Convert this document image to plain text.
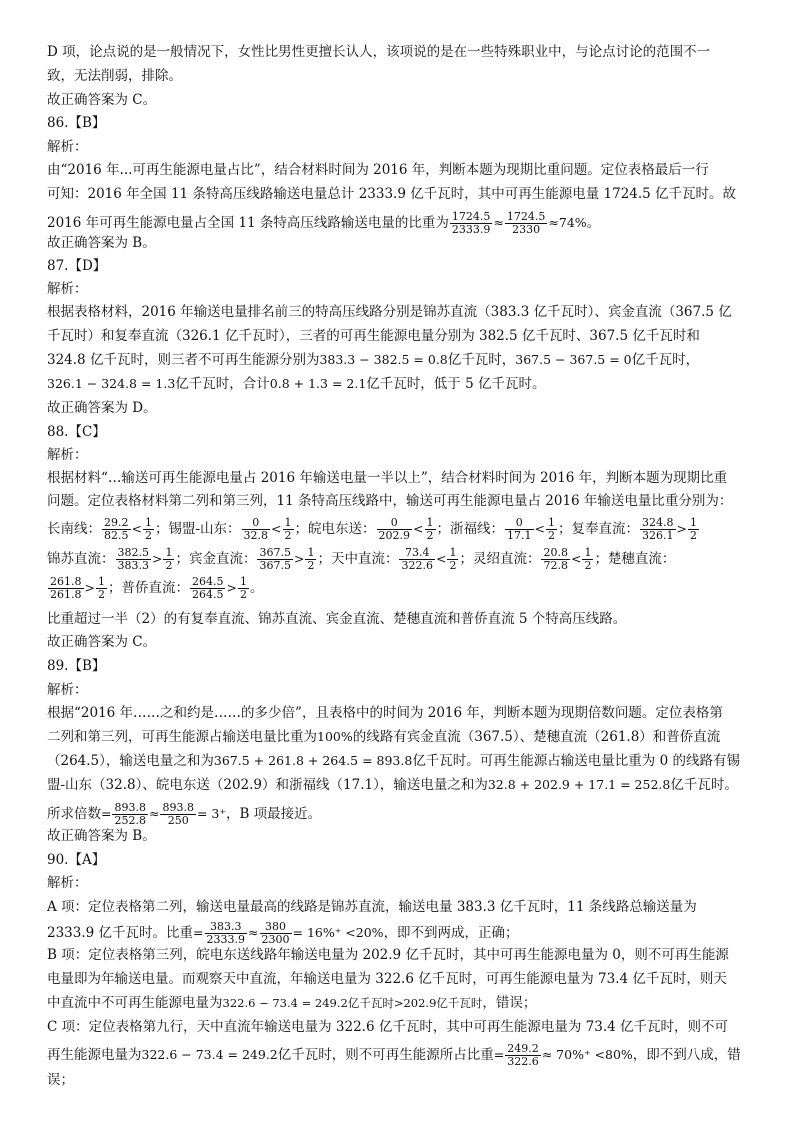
D 项，论点说的是一般情况下，女性比男性更擅长认人，该项说的是在一些特殊职业中，与论点讨论的范围不一
致，无法削弱，排除。
故正确答案为 C。
86.【B】
解析：
由“2016 年...可再生能源电量占比”，结合材料时间为 2016 年，判断本题为现期比重问题。定位表格最后一行
可知：2016 年全国 11 条特高压线路输送电量总计 2333.9 亿千瓦时，其中可再生能源电量 1724.5 亿千瓦时。故
2016 年可再生能源电量占全国 11 条特高压线路输送电量的比重为 $\frac{1724.5}{2333.9} \approx \frac{1724.5}{2330} \approx 74\%$。
故正确答案为 B。
87.【D】
解析：
根据表格材料，2016 年输送电量排名前三的特高压线路分别是锦苏直流（383.3 亿千瓦时）、宾金直流（367.5 亿
千瓦时）和复奉直流（326.1 亿千瓦时），三者的可再生能源电量分别为 382.5 亿千瓦时、367.5 亿千瓦时和
324.8 亿千瓦时，则三者不可再生能源分别为383.3 − 382.5 = 0.8亿千瓦时，367.5 − 367.5 = 0亿千瓦时，
326.1 − 324.8 = 1.3亿千瓦时，合计0.8 + 1.3 = 2.1亿千瓦时，低于 5 亿千瓦时。
故正确答案为 D。
88.【C】
解析：
根据材料“…输送可再生能源电量占 2016 年输送电量一半以上”，结合材料时间为 2016 年，判断本题为现期比重
问题。定位表格材料第二列和第三列，11 条特高压线路中，输送可再生能源电量占 2016 年输送电量比重分别为：
长南线： $\frac{29.2}{82.5} < \frac{1}{2}$ ；锡盟-山东： $\frac{0}{32.8} < \frac{1}{2}$ ；皖电东送： $\frac{0}{202.9} < \frac{1}{2}$ ；浙福线： $\frac{0}{17.1} < \frac{1}{2}$ ；复奉直流： $\frac{324.8}{326.1} > \frac{1}{2}$
锦苏直流： $\frac{382.5}{383.3} > \frac{1}{2}$ ；宾金直流： $\frac{367.5}{367.5} > \frac{1}{2}$ ；天中直流： $\frac{73.4}{322.6} < \frac{1}{2}$ ；灵绍直流： $\frac{20.8}{72.8} < \frac{1}{2}$ ；楚穗直流：
$\frac{261.8}{261.8} > \frac{1}{2}$ ；普侨直流： $\frac{264.5}{264.5} > \frac{1}{2}$ 。
比重超过一半（2）的有复奉直流、锦苏直流、宾金直流、楚穗直流和普侨直流 5 个特高压线路。
故正确答案为 C。
89.【B】
解析：
根据“2016 年……之和约是……的多少倍”，且表格中的时间为 2016 年，判断本题为现期倍数问题。定位表格第
二列和第三列，可再生能源占输送电量比重为100%的线路有宾金直流（367.5）、楚穗直流（261.8）和普侨直流
（264.5），输送电量之和为367.5 + 261.8 + 264.5 = 893.8亿千瓦时。可再生能源占输送电量比重为 0 的线路有锡
盟-山东（32.8）、皖电东送（202.9）和浙福线（17.1），输送电量之和为32.8 + 202.9 + 17.1 = 252.8亿千瓦时。
所求倍数= $\frac{893.8}{252.8} \approx \frac{893.8}{250} = 3^+$，B 项最接近。
故正确答案为 B。
90.【A】
解析：
A 项：定位表格第二列，输送电量最高的线路是锦苏直流，输送电量 383.3 亿千瓦时，11 条线路总输送量为
2333.9 亿千瓦时。比重= $\frac{383.3}{2333.9} \approx \frac{380}{2300} = 16\%^+ <20\%$，即不到两成，正确；
B 项：定位表格第三列，皖电东送线路年输送电量为 202.9 亿千瓦时，其中可再生能源电量为 0，则不可再生能源
电量即为年输送电量。而观察天中直流，年输送电量为 322.6 亿千瓦时，可再生能源电量为 73.4 亿千瓦时，则天
中直流中不可再生能源电量为322.6 − 73.4 = 249.2亿千瓦时>202.9亿千瓦时，错误；
C 项：定位表格第九行，天中直流年输送电量为 322.6 亿千瓦时，其中可再生能源电量为 73.4 亿千瓦时，则不可
再生能源电量为322.6 − 73.4 = 249.2亿千瓦时，则不可再生能源所占比重= $\frac{249.2}{322.6} \approx 70\%^+ <80\%$，即不到八成，错
误；
